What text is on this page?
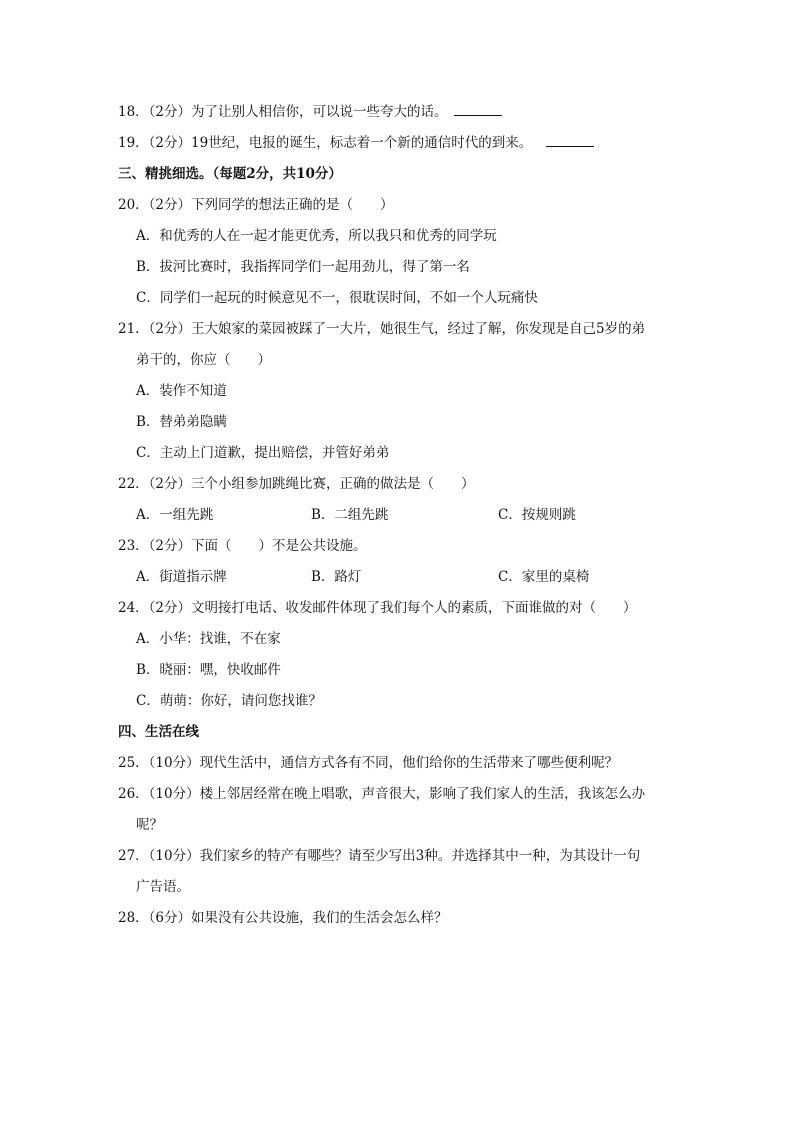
18．（2分）为了让别人相信你，可以说一些夸大的话。
19．（2分）19世纪，电报的诞生，标志着一个新的通信时代的到来。
三、精挑细选。（每题2分，共10分）
20．（2分）下列同学的想法正确的是（　　）
A．和优秀的人在一起才能更优秀，所以我只和优秀的同学玩
B．拔河比赛时，我指挥同学们一起用劲儿，得了第一名
C．同学们一起玩的时候意见不一，很耽误时间，不如一个人玩痛快
21．（2分）王大娘家的菜园被踩了一大片，她很生气，经过了解，你发现是自己5岁的弟
弟干的，你应（　　）
A．装作不知道
B．替弟弟隐瞒
C．主动上门道歉，提出赔偿，并管好弟弟
22．（2分）三个小组参加跳绳比赛，正确的做法是（　　）
A．一组先跳	B．二组先跳	C．按规则跳
23．（2分）下面（　　）不是公共设施。
A．街道指示牌	B．路灯	C．家里的桌椅
24．（2分）文明接打电话、收发邮件体现了我们每个人的素质，下面谁做的对（　　）
A．小华：找谁，不在家
B．晓丽：嘿，快收邮件
C．萌萌：你好，请问您找谁？
四、生活在线
25．（10分）现代生活中，通信方式各有不同，他们给你的生活带来了哪些便利呢？
26．（10分）楼上邻居经常在晚上唱歌，声音很大，影响了我们家人的生活，我该怎么办
呢？
27．（10分）我们家乡的特产有哪些？请至少写出3种。并选择其中一种，为其设计一句
广告语。
28．（6分）如果没有公共设施，我们的生活会怎么样？
